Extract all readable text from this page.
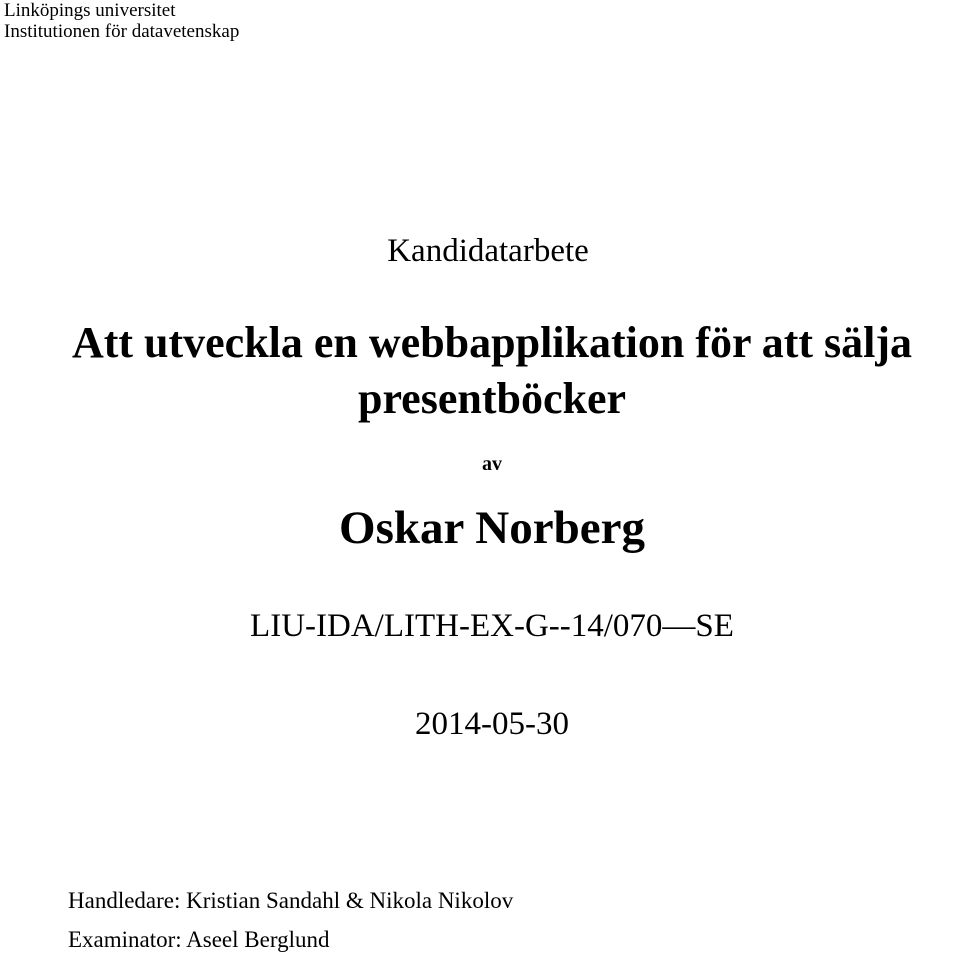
Linköpings universitet
Institutionen för datavetenskap
Kandidatarbete
Att utveckla en webbapplikation för att sälja
presentböcker
av
Oskar Norberg
LIU-IDA/LITH-EX-G--14/070—SE
2014-05-30
Handledare: Kristian Sandahl & Nikola Nikolov
Examinator: Aseel Berglund
